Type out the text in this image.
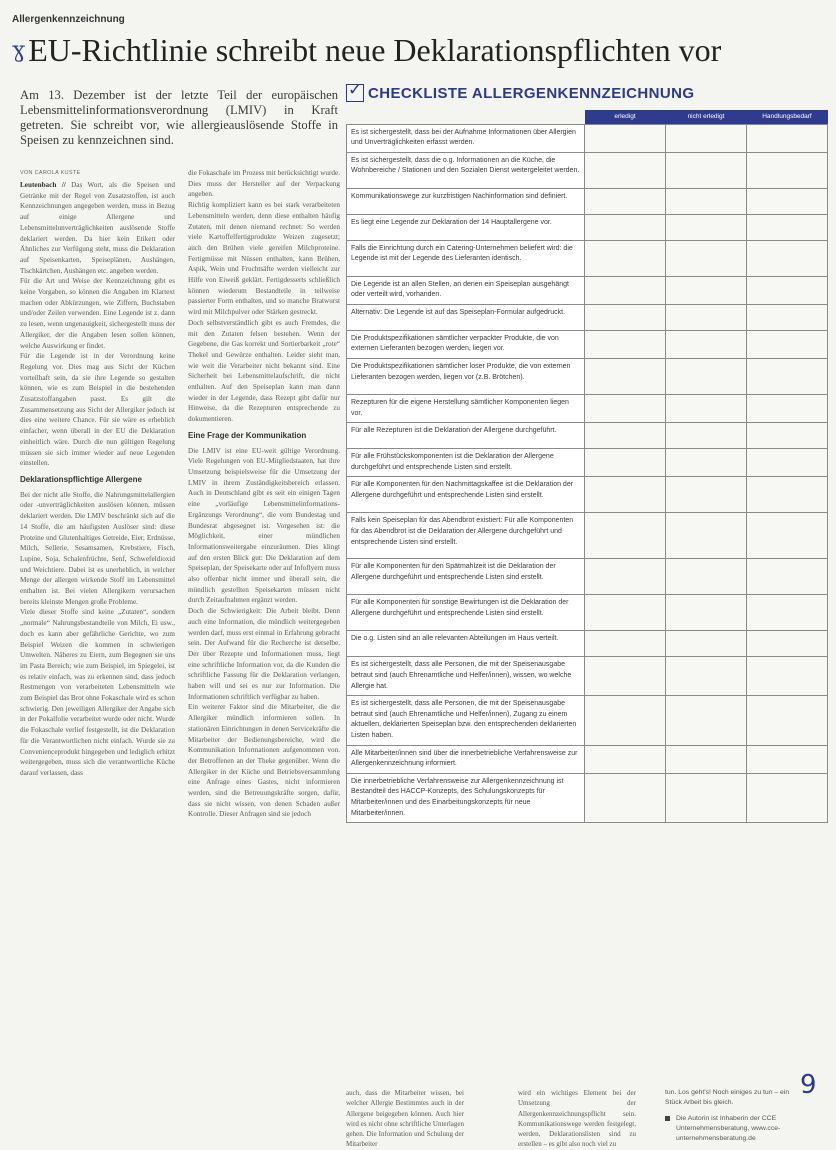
Allergenkennzeichnung
ɣ EU-Richtlinie schreibt neue Deklarationspflichten vor

Am 13. Dezember ist der letzte Teil der europäischen Lebensmittelinformationsverordnung (LMIV) in Kraft getreten. Sie schreibt vor, wie allergieauslösende Stoffe in Speisen zu kennzeichnen sind.

VON CAROLA KUSTE

Leutenbach // Das Wort, als die Speisen und Getränke mit der Regel von Zusatzstoffen, ist auch Kennzeichnungen angegeben werden, muss in Bezug auf einige Allergene und Lebensmittelunverträglichkeiten auslösende Stoffe deklariert werden. Da hier kein Etikett oder Ähnliches zur Verfügung steht, muss die Deklaration auf Speisenkarten, Speiseplänen, Aushängen, Tischkärtchen, Aushängen etc. angeben werden.

Für die Art und Weise der Kennzeichnung gibt es keine Vorgaben, so können die Angaben im Klartext machen oder Abkürzungen, wie Ziffern, Buchstaben und/oder Zeilen verwenden. Eine Legende ist z. dann zu lesen, wenn ungenauigkeit, sichergestellt muss der Allergiker, der die Angaben lesen sollen können, welche Auswirkung er findet.

Für die Legende ist in der Verordnung keine Regelung vor. Dies mag aus Sicht der Küchen vorteilhaft sein, da sie ihre Legende so gestalten können, wie es zum Beispiel in die bestehenden Zusatzstoffangaben passt. Es gilt die Zusammensetzung aus Sicht der Allergiker jedoch ist dies eine weitere Chance. Für sie wäre es erheblich einfacher, wenn überall in der EU die Deklaration einheitlich wäre. Durch die nun gültigen Regelung müssen sie sich immer wieder auf neue Legenden einstellen.

Deklarationspflichtige Allergene

Bei der nicht alle Stoffe, die Nahrungsmittelallergien oder -unverträglichkeiten auslösen können, müssen deklariert werden. Die LMIV beschränkt sich auf die 14 Stoffe, die am häufigsten Auslöser sind: diese Proteine und Glutenhaltiges Getreide, Eier, Erdnüsse, Milch, Sellerie, Sesamsamen, Krebstiere, Fisch, Lupine, Soja, Schalenfrüchte, Senf, Schwefeldioxid und Weichtiere. Dabei ist es unerheblich, in welcher Menge der allergen wirkende Stoff im Lebensmittel enthalten ist. Bei vielen Allergikern verursachen bereits kleinste Mengen große Probleme.

Viele dieser Stoffe sind keine „Zutaten“, sondern „normale“ Nahrungsbestandteile von Milch, Ei usw., doch es kann aber gefährliche Gerichte, wo zum Beispiel Weizen die kommen in schwierigen Umwelten. Näheres zu Eiern, zum Begegnen sie uns im Pasta Bereich; wie zum Beispiel, im Spiegelei, ist es relativ einfach, was zu erkennen sind, dass jedoch Restmengen von verarbeiteten Lebensmitteln wie zum Beispiel das Brot ohne Fokaschale wird es schon schwierig. Den jeweiligen Allergiker der Angabe sich in der Pokalfolie verarbeitet wurde oder nicht. Wurde die Fokaschale verlief festgestellt, ist die Deklaration für die Verantwortlichen nicht einfach. Wurde sie zu Convenienceprodukt hingegeben und lediglich erhitzt weitergegeben, muss sich die verantwortliche Küche darauf verlassen, dass

die Fokaschale im Prozess mit berücksichtigt wurde. Dies muss der Hersteller auf der Verpackung angeben.

Richtig kompliziert kann es bei stark verarbeiteten Lebensmitteln werden, denn diese enthalten häufig Zutaten, mit denen niemand rechnet: So werden viele Kartoffelfertigprodukte Weizen zugesetzt; auch den Brühen viele gereifen Milchproteine. Fertigmüsse mit Nüssen enthalten, kann Brühen, Aspik, Wein und Fruchtsäfte werden vielleicht zur Hilfe von Eiweiß geklärt. Fertigdesserts schließlich können wiederum Bestandteile in teilweise passierter Form enthalten, und so manche Bratwurst wird mit Milchpulver oder Stärken gestreckt.

Doch selbstverständlich gibt es auch Fremdes, die mit den Zutaten felsen bestehen. Wenn der Gegebene, die Gas korrekt und Sortierbarkeit „rote“ Thekel und Gewürze enthalten. Leider sieht man, wie weit die Verarbeiter nicht bekannt sind. Eine Sicherheit bei Lebensmittelaufschrift, die nicht enthalten. Auf den Speiseplan kann man dann wieder in der Legende, dass Rezept gibt dafür nur Hinweise, da die Rezepturen entsprechende zu dokumentieren.

Eine Frage der Kommunikation

Die LMIV ist eine EU-weit gültige Verordnung. Viele Regelungen von EU-Mitgliedstaaten, hat ihre Umsetzung beispielsweise für die Umsetzung der LMIV in ihrem Zuständigkeitsbereich erlassen. Auch in Deutschland gibt es seit ein einigen Tagen eine „vorläufige Lebensmittelinformations-Ergänzungs Verordnung“, die vom Bundestag und Bundesrat abgesegnet ist. Vorgesehen ist: die Möglichkeit, einer mündlichen Informationsweitergabe einzuräumen. Dies klingt auf den ersten Blick gut: Die Deklaration auf dem Speiseplan, der Speisekarte oder auf Infoflyern muss also offenbar nicht immer und überall sein, die mündlich gestellten Speisekarten müssen nicht durch Zeitaufnahmen ergänzt werden.

Doch die Schwierigkeit: Die Arbeit bleibt. Denn auch eine Information, die mündlich weitergegeben werden darf, muss erst einmal in Erfahrung gebracht sein. Der Aufwand für die Recherche ist derselbe. Der über Rezepte und Informationen muss, liegt eine schriftliche Information vor, da die Kunden die schriftliche Fassung für die Deklaration verlangen, haben will und sei es nur zur Information. Die Informationen schriftlich verfügbar zu haben.

Ein weiterer Faktor sind die Mitarbeiter, die die Allergiker mündlich informieren sollen. In stationären Einrichtungen in denen Servicekräfte die Mitarbeiter der Bedienungsbereiche, wird die Kommunikation Informationen aufgenommen von. der Betroffenen an der Theke gegenüber. Wenn die Allergiker in der Küche und Betriebsversammlung eine Anfrage eines Gastes, nicht informieren werden, sind die Betreuungskräfte sorgen, dafür, dass sie nicht wissen, von denen Schaden außer Kontrolle. Dieser Anfragen sind sie jedoch

auch, dass die Mitarbeiter wissen, bei welcher Allergie Bestimmtes auch in der Allergene beigegeben können. Auch hier wird es nicht ohne schriftliche Unterlagen gehen. Die Information und Schulung der Mitarbeiter
wird ein wichtiges Element bei der Umsetzung der Allergenkennzeichnungspflicht sein. Kommunikationswege werden festgelegt, werden, Deklarationslisten sind zu erstellen – es gibt also noch viel zu
tun. Los geht's! Noch einiges zu tun – ein Stück Arbeit bis gleich.
Die Autorin ist Inhaberin der CCE Unternehmensberatung, www.cce-unternehmensberatung.de
9
✓
CHECKLISTE ALLERGENKENNZEICHNUNG
	erledigt	nicht erledigt	Handlungsbedarf
Es ist sichergestellt, dass bei der Aufnahme Informationen über Allergien und Unverträglichkeiten erfasst werden.			
Es ist sichergestellt, dass die o.g. Informationen an die Küche, die Wohnbereiche / Stationen und den Sozialen Dienst weitergeleitet werden.			
Kommunikationswege zur kurzfristigen Nachinformation sind definiert.			
Es liegt eine Legende zur Deklaration der 14 Hauptallergene vor.			
Falls die Einrichtung durch ein Catering-Unternehmen beliefert wird: die Legende ist mit der Legende des Lieferanten identisch.			
Die Legende ist an allen Stellen, an denen ein Speiseplan ausgehängt oder verteilt wird, vorhanden.			
Alternativ: Die Legende ist auf das Speiseplan-Formular aufgedruckt.			
Die Produktspezifikationen sämtlicher verpackter Produkte, die von externen Lieferanten bezogen werden, liegen vor.			
Die Produktspezifikationen sämtlicher loser Produkte, die von externen Lieferanten bezogen werden, liegen vor (z.B. Brötchen).			
Rezepturen für die eigene Herstellung sämtlicher Komponenten liegen vor.			
Für alle Rezepturen ist die Deklaration der Allergene durchgeführt.			
Für alle Frühstückskomponenten ist die Deklaration der Allergene durchgeführt und entsprechende Listen sind erstellt.			
Für alle Komponenten für den Nachmittagskaffee ist die Deklaration der Allergene durchgeführt und entsprechende Listen sind erstellt.			
Falls kein Speiseplan für das Abendbrot existiert: Für alle Komponenten für das Abendbrot ist die Deklaration der Allergene durchgeführt und entsprechende Listen sind erstellt.			
Für alle Komponenten für den Spätmahlzeit ist die Deklaration der Allergene durchgeführt und entsprechende Listen sind erstellt.			
Für alle Komponenten für sonstige Bewirtungen ist die Deklaration der Allergene durchgeführt und entsprechende Listen sind erstellt.			
Die o.g. Listen sind an alle relevanten Abteilungen im Haus verteilt.			
Es ist sichergestellt, dass alle Personen, die mit der Speisenausgabe betraut sind (auch Ehrenamtliche und Helfer/innen), wissen, wo welche Allergie hat.			
Es ist sichergestellt, dass alle Personen, die mit der Speisenausgabe betraut sind (auch Ehrenamtliche und Helfer/innen), Zugang zu einem aktuellen, deklarierten Speiseplan bzw. den entsprechenden deklarierten Listen haben.			
Alle Mitarbeiter/innen sind über die innerbetriebliche Verfahrensweise zur Allergenkennzeichnung informiert.			
Die innerbetriebliche Verfahrensweise zur Allergenkennzeichnung ist Bestandteil des HACCP-Konzepts, des Schulungskonzepts für Mitarbeiter/innen und des Einarbeitungskonzepts für neue Mitarbeiter/innen.			
